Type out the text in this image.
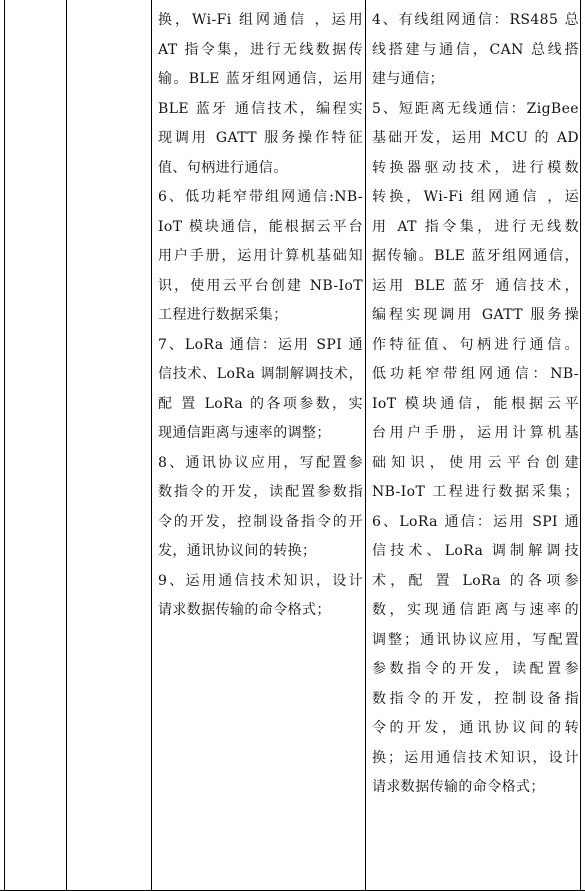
换，Wi-Fi 组网通信 ，运用
AT 指令集，进行无线数据传
输。BLE 蓝牙组网通信，运用
BLE 蓝牙 通信技术，编程实
现调用 GATT 服务操作特征
值、句柄进行通信。
6、低功耗窄带组网通信:NB-
IoT 模块通信，能根据云平台
用户手册，运用计算机基础知
识，使用云平台创建 NB-IoT
工程进行数据采集；
7、LoRa 通信：运用 SPI 通
信技术、LoRa 调制解调技术，
配 置 LoRa 的各项参数，实
现通信距离与速率的调整；
8、通讯协议应用，写配置参
数指令的开发，读配置参数指
令的开发，控制设备指令的开
发，通讯协议间的转换；
9、运用通信技术知识，设计
请求数据传输的命令格式；
4、有线组网通信：RS485 总
线搭建与通信，CAN 总线搭
建与通信；
5、短距离无线通信：ZigBee
基础开发，运用 MCU 的 AD
转换器驱动技术，进行模数
转换，Wi-Fi 组网通信 ，运
用 AT 指令集，进行无线数
据传输。BLE 蓝牙组网通信，
运用 BLE 蓝牙 通信技术，
编程实现调用 GATT 服务操
作特征值、句柄进行通信。
低功耗窄带组网通信：NB-
IoT 模块通信，能根据云平
台用户手册，运用计算机基
础知识，使用云平台创建
NB-IoT 工程进行数据采集；
6、LoRa 通信：运用 SPI 通
信技术、LoRa 调制解调技
术，配 置 LoRa 的各项参
数，实现通信距离与速率的
调整；通讯协议应用，写配置
参数指令的开发，读配置参
数指令的开发，控制设备指
令的开发，通讯协议间的转
换；运用通信技术知识，设计
请求数据传输的命令格式；
